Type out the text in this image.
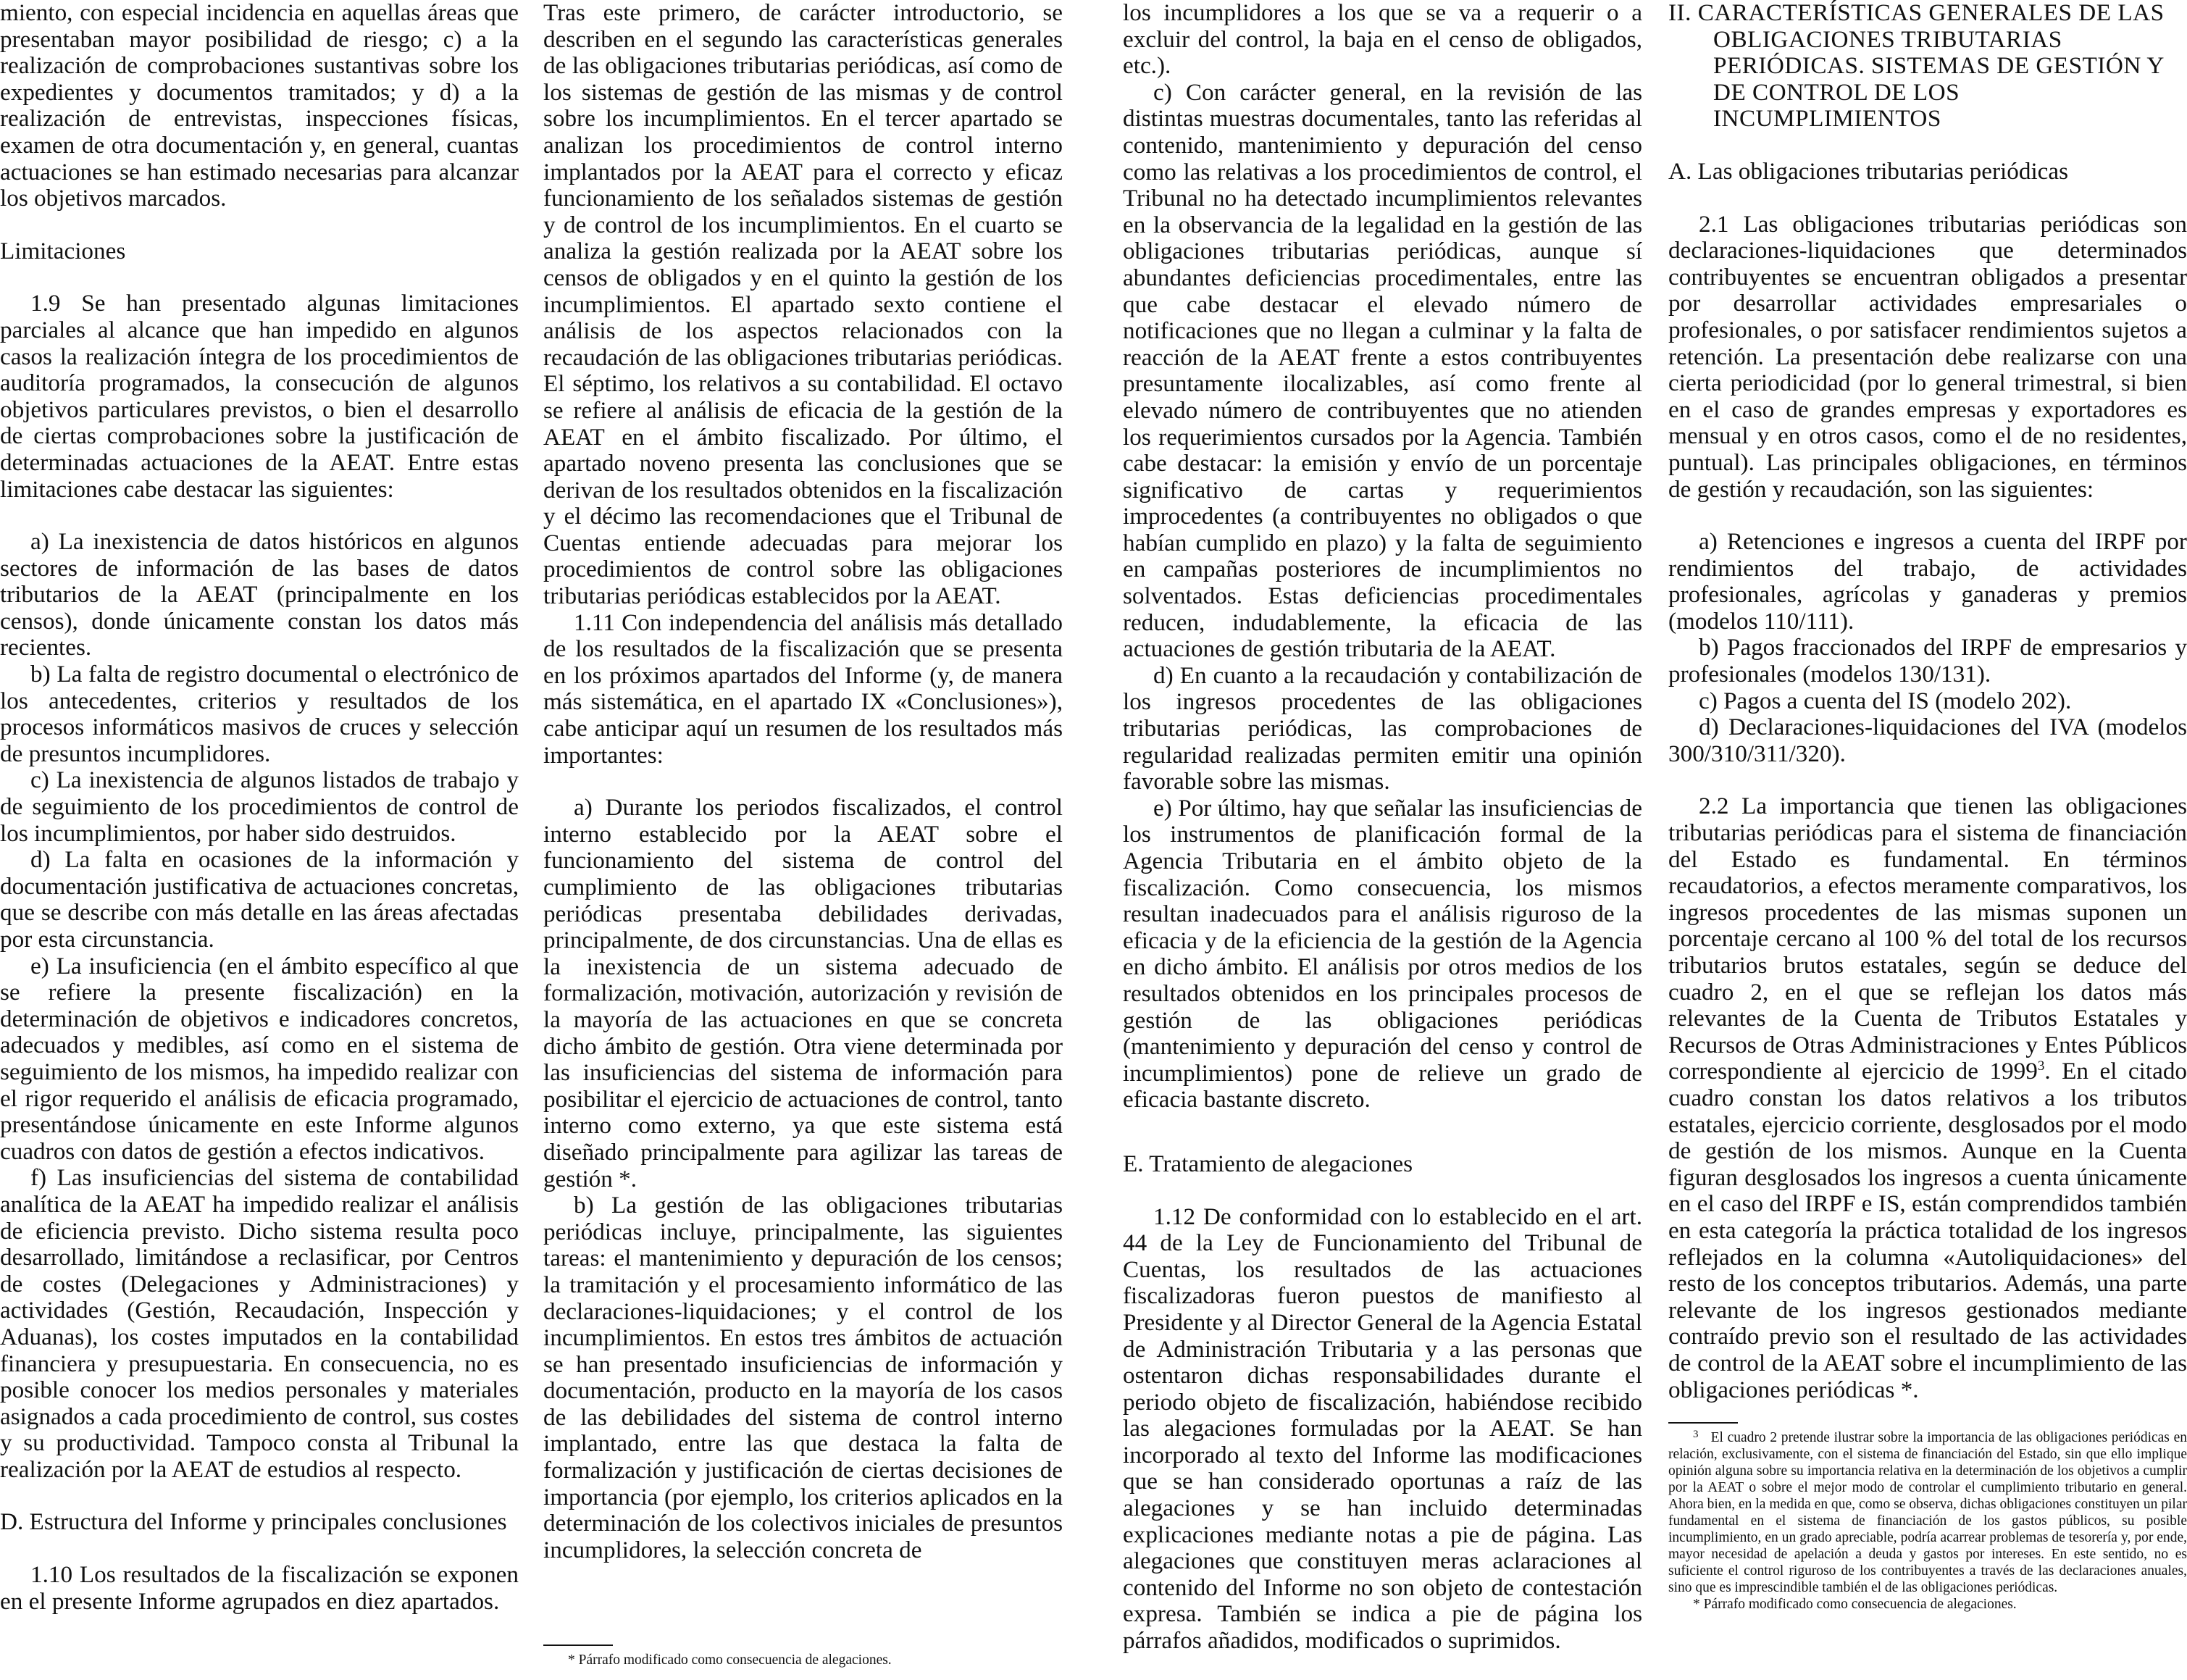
miento, con especial incidencia en aquellas áreas que presentaban mayor posibilidad de riesgo; c) a la realización de comprobaciones sustantivas sobre los expedientes y documentos tramitados; y d) a la realización de entrevistas, inspecciones físicas, examen de otra documentación y, en general, cuantas actuaciones se han estimado necesarias para alcanzar los objetivos marcados.

Limitaciones

1.9 Se han presentado algunas limitaciones parciales al alcance que han impedido en algunos casos la realización íntegra de los procedimientos de auditoría programados, la consecución de algunos objetivos particulares previstos, o bien el desarrollo de ciertas comprobaciones sobre la justificación de determinadas actuaciones de la AEAT. Entre estas limitaciones cabe destacar las siguientes:

a) La inexistencia de datos históricos en algunos sectores de información de las bases de datos tributarios de la AEAT (principalmente en los censos), donde únicamente constan los datos más recientes.

b) La falta de registro documental o electrónico de los antecedentes, criterios y resultados de los procesos informáticos masivos de cruces y selección de presuntos incumplidores.

c) La inexistencia de algunos listados de trabajo y de seguimiento de los procedimientos de control de los incumplimientos, por haber sido destruidos.

d) La falta en ocasiones de la información y documentación justificativa de actuaciones concretas, que se describe con más detalle en las áreas afectadas por esta circunstancia.

e) La insuficiencia (en el ámbito específico al que se refiere la presente fiscalización) en la determinación de objetivos e indicadores concretos, adecuados y medibles, así como en el sistema de seguimiento de los mismos, ha impedido realizar con el rigor requerido el análisis de eficacia programado, presentándose únicamente en este Informe algunos cuadros con datos de gestión a efectos indicativos.

f) Las insuficiencias del sistema de contabilidad analítica de la AEAT ha impedido realizar el análisis de eficiencia previsto. Dicho sistema resulta poco desarrollado, limitándose a reclasificar, por Centros de costes (Delegaciones y Administraciones) y actividades (Gestión, Recaudación, Inspección y Aduanas), los costes imputados en la contabilidad financiera y presupuestaria. En consecuencia, no es posible conocer los medios personales y materiales asignados a cada procedimiento de control, sus costes y su productividad. Tampoco consta al Tribunal la realización por la AEAT de estudios al respecto.

D. Estructura del Informe y principales conclusiones

1.10 Los resultados de la fiscalización se exponen en el presente Informe agrupados en diez apartados.

Tras este primero, de carácter introductorio, se describen en el segundo las características generales de las obligaciones tributarias periódicas, así como de los sistemas de gestión de las mismas y de control sobre los incumplimientos. En el tercer apartado se analizan los procedimientos de control interno implantados por la AEAT para el correcto y eficaz funcionamiento de los señalados sistemas de gestión y de control de los incumplimientos. En el cuarto se analiza la gestión realizada por la AEAT sobre los censos de obligados y en el quinto la gestión de los incumplimientos. El apartado sexto contiene el análisis de los aspectos relacionados con la recaudación de las obligaciones tributarias periódicas. El séptimo, los relativos a su contabilidad. El octavo se refiere al análisis de eficacia de la gestión de la AEAT en el ámbito fiscalizado. Por último, el apartado noveno presenta las conclusiones que se derivan de los resultados obtenidos en la fiscalización y el décimo las recomendaciones que el Tribunal de Cuentas entiende adecuadas para mejorar los procedimientos de control sobre las obligaciones tributarias periódicas establecidos por la AEAT.

1.11 Con independencia del análisis más detallado de los resultados de la fiscalización que se presenta en los próximos apartados del Informe (y, de manera más sistemática, en el apartado IX «Conclusiones»), cabe anticipar aquí un resumen de los resultados más importantes:

a) Durante los periodos fiscalizados, el control interno establecido por la AEAT sobre el funcionamiento del sistema de control del cumplimiento de las obligaciones tributarias periódicas presentaba debilidades derivadas, principalmente, de dos circunstancias. Una de ellas es la inexistencia de un sistema adecuado de formalización, motivación, autorización y revisión de la mayoría de las actuaciones en que se concreta dicho ámbito de gestión. Otra viene determinada por las insuficiencias del sistema de información para posibilitar el ejercicio de actuaciones de control, tanto interno como externo, ya que este sistema está diseñado principalmente para agilizar las tareas de gestión *.

b) La gestión de las obligaciones tributarias periódicas incluye, principalmente, las siguientes tareas: el mantenimiento y depuración de los censos; la tramitación y el procesamiento informático de las declaraciones-liquidaciones; y el control de los incumplimientos. En estos tres ámbitos de actuación se han presentado insuficiencias de información y documentación, producto en la mayoría de los casos de las debilidades del sistema de control interno implantado, entre las que destaca la falta de formalización y justificación de ciertas decisiones de importancia (por ejemplo, los criterios aplicados en la determinación de los colectivos iniciales de presuntos incumplidores, la selección concreta de

* Párrafo modificado como consecuencia de alegaciones.

los incumplidores a los que se va a requerir o a excluir del control, la baja en el censo de obligados, etc.).

c) Con carácter general, en la revisión de las distintas muestras documentales, tanto las referidas al contenido, mantenimiento y depuración del censo como las relativas a los procedimientos de control, el Tribunal no ha detectado incumplimientos relevantes en la observancia de la legalidad en la gestión de las obligaciones tributarias periódicas, aunque sí abundantes deficiencias procedimentales, entre las que cabe destacar el elevado número de notificaciones que no llegan a culminar y la falta de reacción de la AEAT frente a estos contribuyentes presuntamente ilocalizables, así como frente al elevado número de contribuyentes que no atienden los requerimientos cursados por la Agencia. También cabe destacar: la emisión y envío de un porcentaje significativo de cartas y requerimientos improcedentes (a contribuyentes no obligados o que habían cumplido en plazo) y la falta de seguimiento en campañas posteriores de incumplimientos no solventados. Estas deficiencias procedimentales reducen, indudablemente, la eficacia de las actuaciones de gestión tributaria de la AEAT.

d) En cuanto a la recaudación y contabilización de los ingresos procedentes de las obligaciones tributarias periódicas, las comprobaciones de regularidad realizadas permiten emitir una opinión favorable sobre las mismas.

e) Por último, hay que señalar las insuficiencias de los instrumentos de planificación formal de la Agencia Tributaria en el ámbito objeto de la fiscalización. Como consecuencia, los mismos resultan inadecuados para el análisis riguroso de la eficacia y de la eficiencia de la gestión de la Agencia en dicho ámbito. El análisis por otros medios de los resultados obtenidos en los principales procesos de gestión de las obligaciones periódicas (mantenimiento y depuración del censo y control de incumplimientos) pone de relieve un grado de eficacia bastante discreto.

E. Tratamiento de alegaciones

1.12 De conformidad con lo establecido en el art. 44 de la Ley de Funcionamiento del Tribunal de Cuentas, los resultados de las actuaciones fiscalizadoras fueron puestos de manifiesto al Presidente y al Director General de la Agencia Estatal de Administración Tributaria y a las personas que ostentaron dichas responsabilidades durante el periodo objeto de fiscalización, habiéndose recibido las alegaciones formuladas por la AEAT. Se han incorporado al texto del Informe las modificaciones que se han considerado oportunas a raíz de las alegaciones y se han incluido determinadas explicaciones mediante notas a pie de página. Las alegaciones que constituyen meras aclaraciones al contenido del Informe no son objeto de contestación expresa. También se indica a pie de página los párrafos añadidos, modificados o suprimidos.

II. CARACTERÍSTICAS GENERALES DE LAS OBLIGACIONES TRIBUTARIAS PERIÓDICAS. SISTEMAS DE GESTIÓN Y DE CONTROL DE LOS INCUMPLIMIENTOS

A. Las obligaciones tributarias periódicas

2.1 Las obligaciones tributarias periódicas son declaraciones-liquidaciones que determinados contribuyentes se encuentran obligados a presentar por desarrollar actividades empresariales o profesionales, o por satisfacer rendimientos sujetos a retención. La presentación debe realizarse con una cierta periodicidad (por lo general trimestral, si bien en el caso de grandes empresas y exportadores es mensual y en otros casos, como el de no residentes, puntual). Las principales obligaciones, en términos de gestión y recaudación, son las siguientes:

a) Retenciones e ingresos a cuenta del IRPF por rendimientos del trabajo, de actividades profesionales, agrícolas y ganaderas y premios (modelos 110/111).

b) Pagos fraccionados del IRPF de empresarios y profesionales (modelos 130/131).

c) Pagos a cuenta del IS (modelo 202).

d) Declaraciones-liquidaciones del IVA (modelos 300/310/311/320).

2.2 La importancia que tienen las obligaciones tributarias periódicas para el sistema de financiación del Estado es fundamental. En términos recaudatorios, a efectos meramente comparativos, los ingresos procedentes de las mismas suponen un porcentaje cercano al 100 % del total de los recursos tributarios brutos estatales, según se deduce del cuadro 2, en el que se reflejan los datos más relevantes de la Cuenta de Tributos Estatales y Recursos de Otras Administraciones y Entes Públicos correspondiente al ejercicio de 1999$^3$. En el citado cuadro constan los datos relativos a los tributos estatales, ejercicio corriente, desglosados por el modo de gestión de los mismos. Aunque en la Cuenta figuran desglosados los ingresos a cuenta únicamente en el caso del IRPF e IS, están comprendidos también en esta categoría la práctica totalidad de los ingresos reflejados en la columna «Autoliquidaciones» del resto de los conceptos tributarios. Además, una parte relevante de los ingresos gestionados mediante contraído previo son el resultado de las actividades de control de la AEAT sobre el incumplimiento de las obligaciones periódicas *.

$^3$ El cuadro 2 pretende ilustrar sobre la importancia de las obligaciones periódicas en relación, exclusivamente, con el sistema de financiación del Estado, sin que ello implique opinión alguna sobre su importancia relativa en la determinación de los objetivos a cumplir por la AEAT o sobre el mejor modo de controlar el cumplimiento tributario en general. Ahora bien, en la medida en que, como se observa, dichas obligaciones constituyen un pilar fundamental en el sistema de financiación de los gastos públicos, su posible incumplimiento, en un grado apreciable, podría acarrear problemas de tesorería y, por ende, mayor necesidad de apelación a deuda y gastos por intereses. En este sentido, no es suficiente el control riguroso de los contribuyentes a través de las declaraciones anuales, sino que es imprescindible también el de las obligaciones periódicas.

* Párrafo modificado como consecuencia de alegaciones.
